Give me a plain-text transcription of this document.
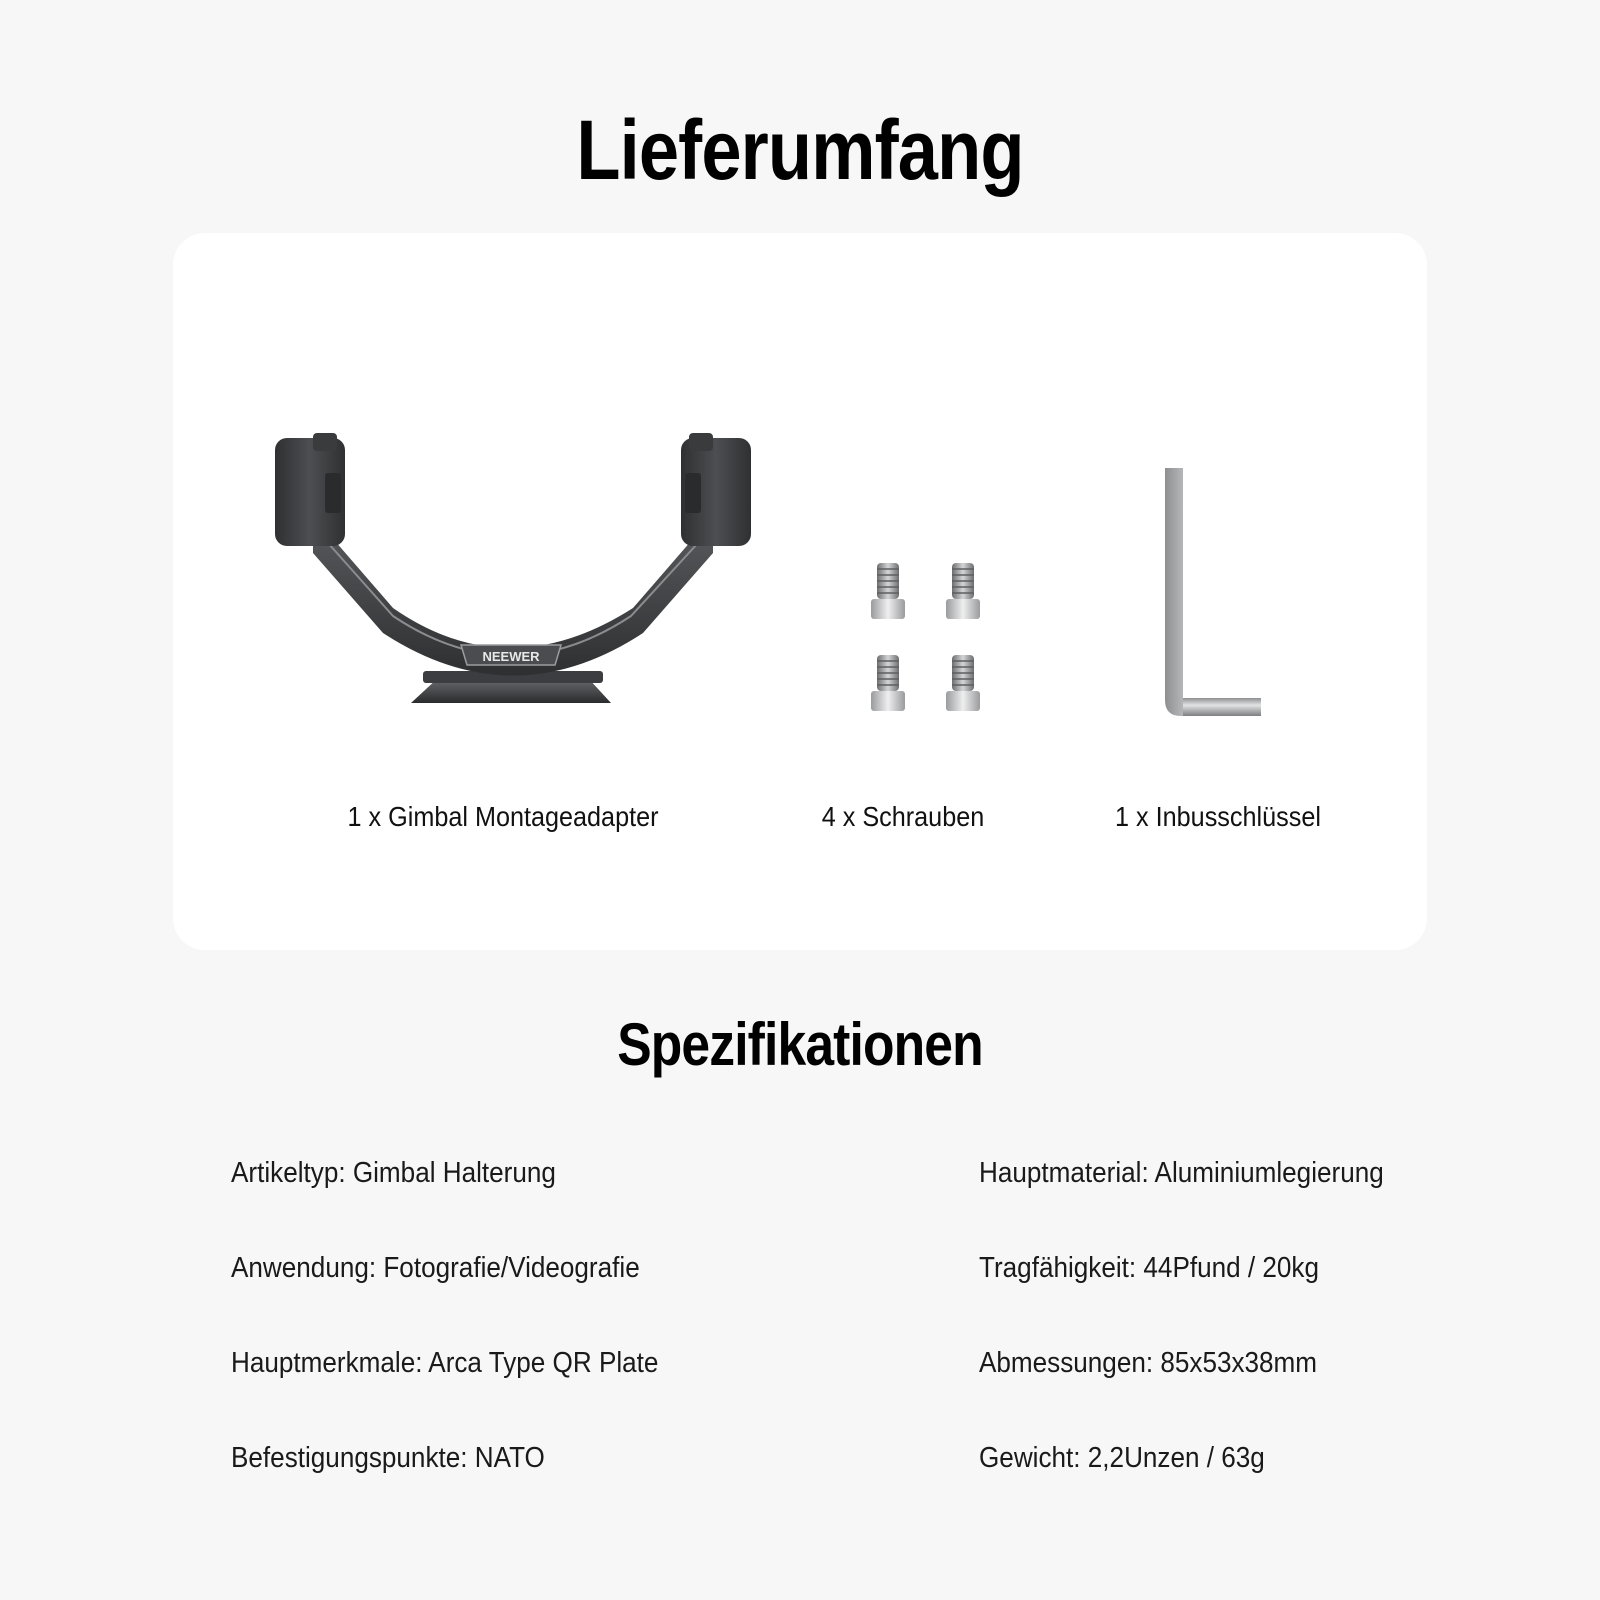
Lieferumfang
NEEWER
1 x Gimbal Montageadapter	4 x Schrauben	1 x Inbusschlüssel
Spezifikationen
Artikeltyp: Gimbal Halterung
Anwendung: Fotografie/Videografie
Hauptmerkmale: Arca Type QR Plate
Befestigungspunkte: NATO
Hauptmaterial: Aluminiumlegierung
Tragfähigkeit: 44Pfund / 20kg
Abmessungen: 85x53x38mm
Gewicht: 2,2Unzen / 63g
